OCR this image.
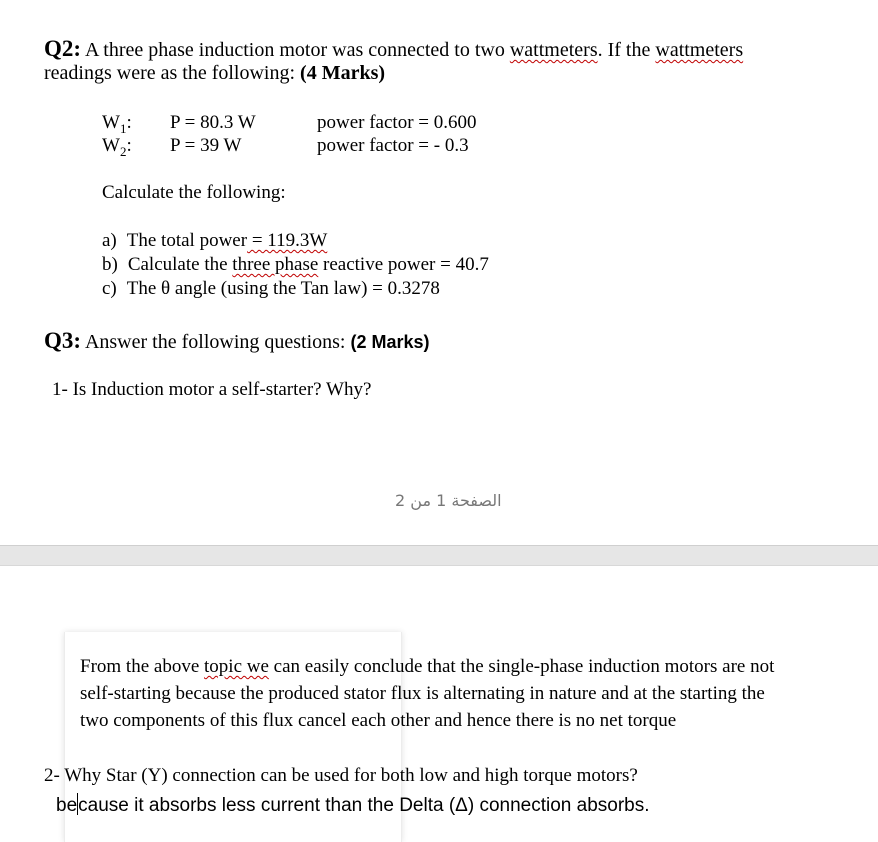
Q2: A three phase induction motor was connected to two wattmeters. If the wattmeters
readings were as the following: (4 Marks)
$W_1$: P = 80.3 W	power factor = 0.600
$W_2$: P = 39 W	power factor = - 0.3
Calculate the following:
a) The total power = 119.3W
b) Calculate the three phase reactive power = 40.7
c) The θ angle (using the Tan law) = 0.3278
Q3: Answer the following questions: (2 Marks)
1- Is Induction motor a self-starter? Why?
الصفحة 1 من 2
From the above topic we can easily conclude that the single-phase induction motors are not
self-starting because the produced stator flux is alternating in nature and at the starting the
two components of this flux cancel each other and hence there is no net torque
2- Why Star (Y) connection can be used for both low and high torque motors?
because it absorbs less current than the Delta (Δ) connection absorbs.
